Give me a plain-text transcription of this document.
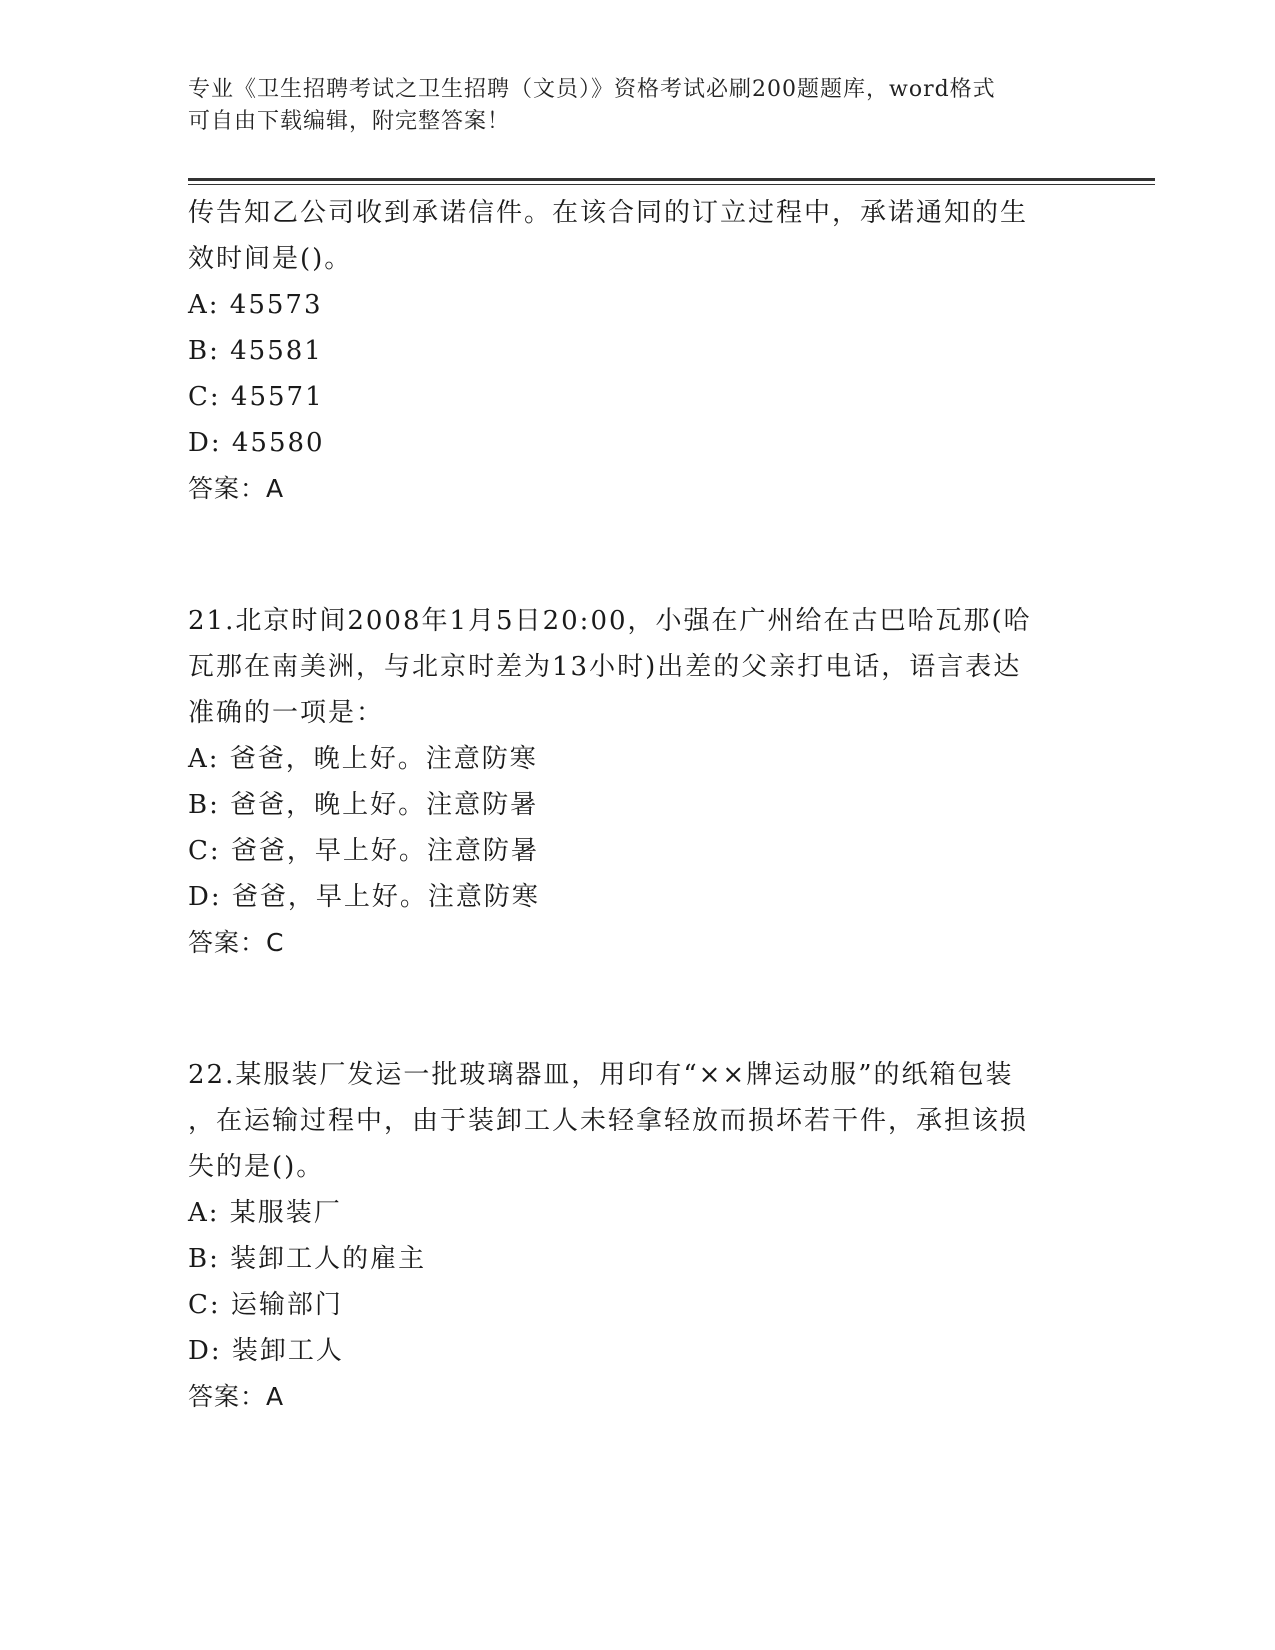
专业《卫生招聘考试之卫生招聘（文员）》资格考试必刷200题题库，word格式
可自由下载编辑，附完整答案！
传告知乙公司收到承诺信件。在该合同的订立过程中，承诺通知的生
效时间是()。
A: 45573
B: 45581
C: 45571
D: 45580
答案：A
21.北京时间2008年1月5日20:00，小强在广州给在古巴哈瓦那(哈
瓦那在南美洲，与北京时差为13小时)出差的父亲打电话，语言表达
准确的一项是：
A: 爸爸，晚上好。注意防寒
B: 爸爸，晚上好。注意防暑
C: 爸爸，早上好。注意防暑
D: 爸爸，早上好。注意防寒
答案：C
22.某服装厂发运一批玻璃器皿，用印有“××牌运动服”的纸箱包装
，在运输过程中，由于装卸工人未轻拿轻放而损坏若干件，承担该损
失的是()。
A: 某服装厂
B: 装卸工人的雇主
C: 运输部门
D: 装卸工人
答案：A
